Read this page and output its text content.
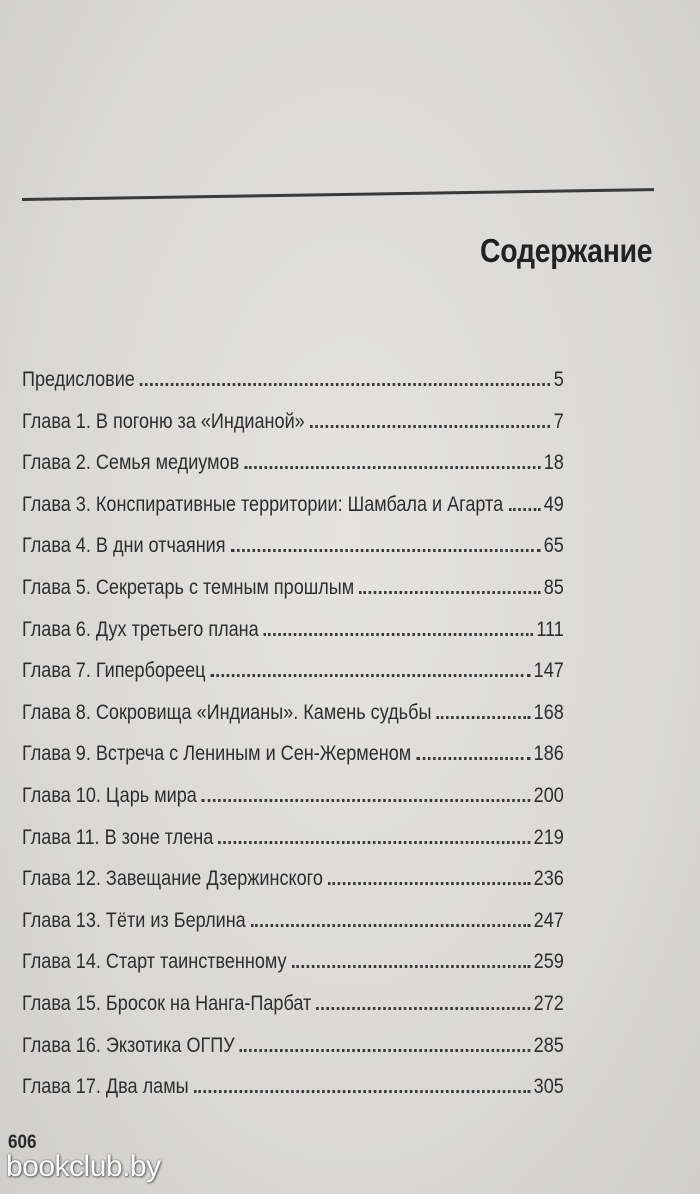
Содержание
Предисловие	5
Глава 1. В погоню за «Индианой»	7
Глава 2. Семья медиумов	18
Глава 3. Конспиративные территории: Шамбала и Агарта 49
Глава 4. В дни отчаяния	65
Глава 5. Секретарь с темным прошлым	85
Глава 6. Дух третьего плана	111
Глава 7. Гипербореец	147
Глава 8. Сокровища «Индианы». Камень судьбы	168
Глава 9. Встреча с Лениным и Сен-Жерменом	186
Глава 10. Царь мира	200
Глава 11. В зоне тлена	219
Глава 12. Завещание Дзержинского	236
Глава 13. Тёти из Берлина	247
Глава 14. Старт таинственному	259
Глава 15. Бросок на Нанга-Парбат	272
Глава 16. Экзотика ОГПУ	285
Глава 17. Два ламы	305
606
bookclub.by
